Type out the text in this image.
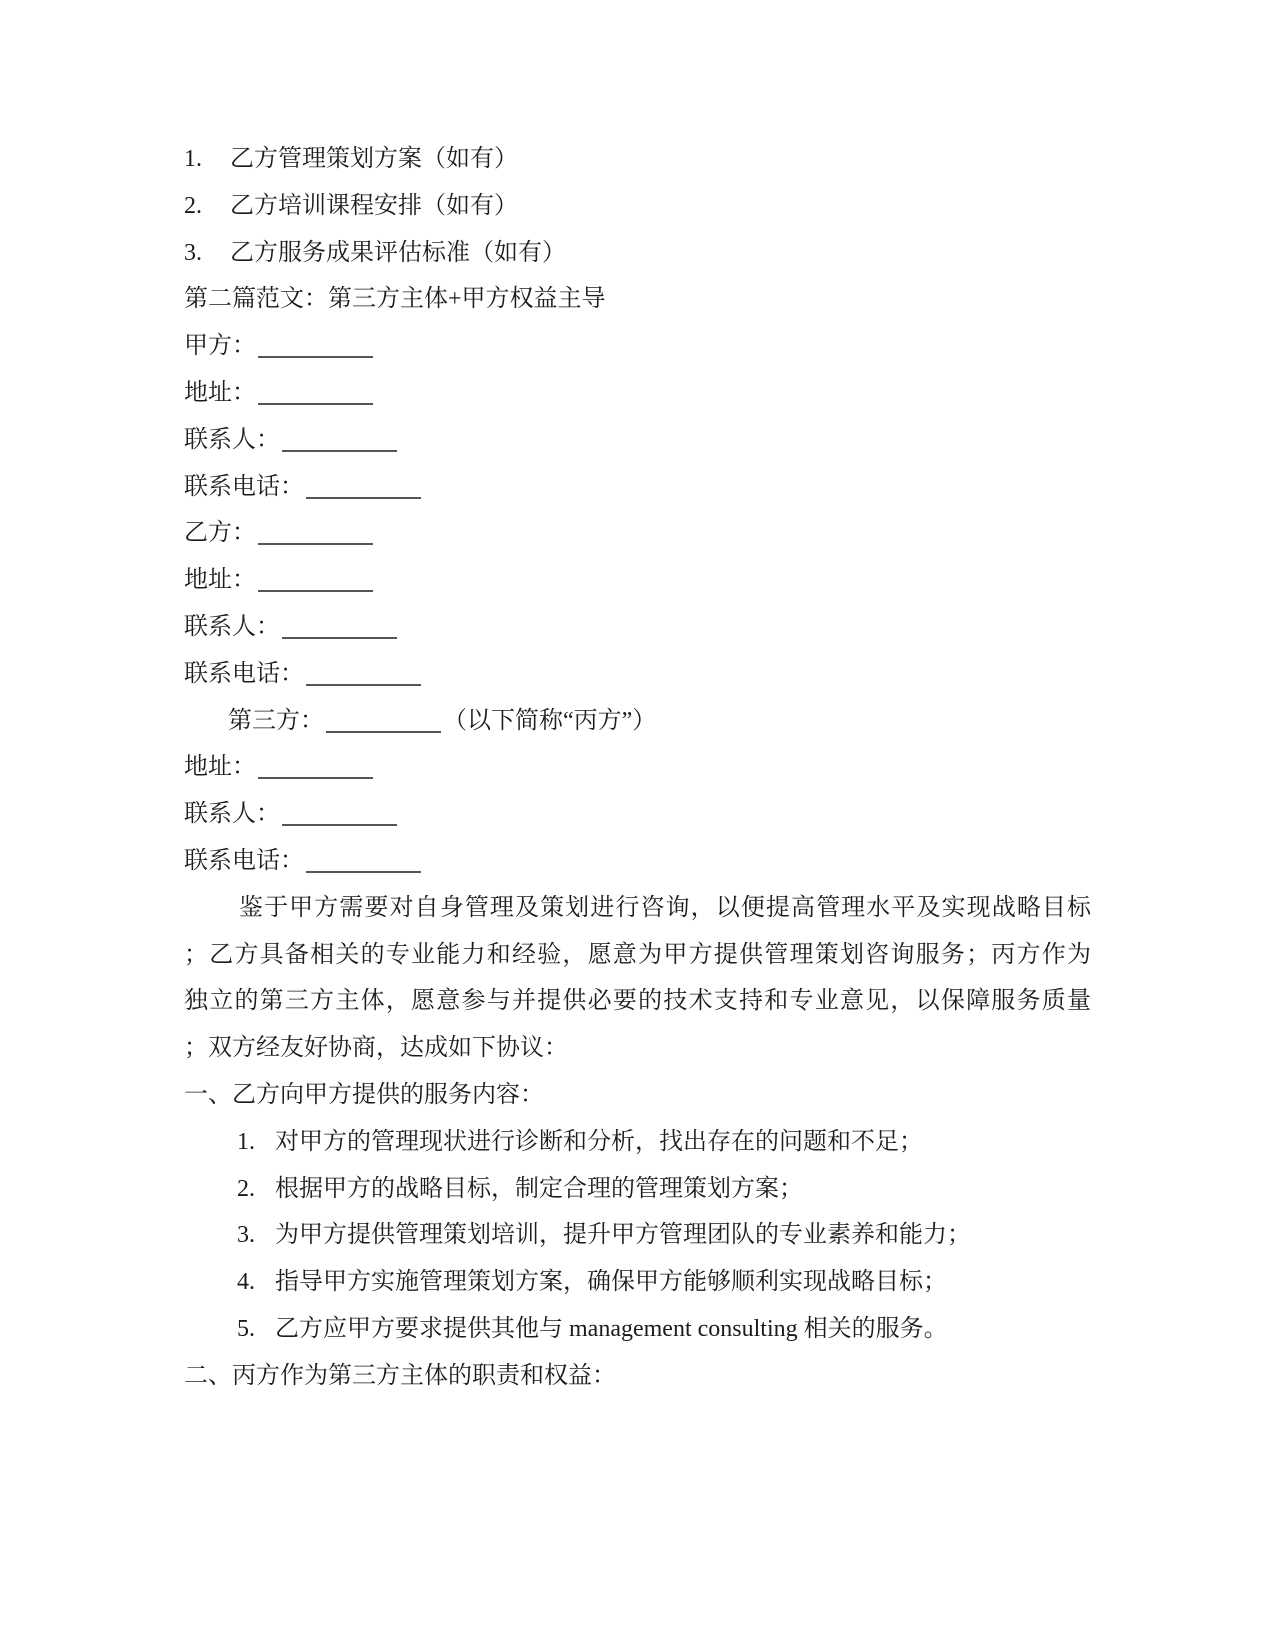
1. 乙方管理策划方案（如有）
2. 乙方培训课程安排（如有）
3. 乙方服务成果评估标准（如有）
第二篇范文：第三方主体+甲方权益主导
甲方：
地址：
联系人：
联系电话：
乙方：
地址：
联系人：
联系电话：
第三方：	（以下简称“丙方”）
地址：
联系人：
联系电话：
鉴于甲方需要对自身管理及策划进行咨询，以便提高管理水平及实现战略目标
；乙方具备相关的专业能力和经验，愿意为甲方提供管理策划咨询服务；丙方作为
独立的第三方主体，愿意参与并提供必要的技术支持和专业意见，以保障服务质量
；双方经友好协商，达成如下协议：
一、乙方向甲方提供的服务内容：
1. 对甲方的管理现状进行诊断和分析，找出存在的问题和不足；
2. 根据甲方的战略目标，制定合理的管理策划方案；
3. 为甲方提供管理策划培训，提升甲方管理团队的专业素养和能力；
4. 指导甲方实施管理策划方案，确保甲方能够顺利实现战略目标；
5. 乙方应甲方要求提供其他与 management consulting 相关的服务。
二、丙方作为第三方主体的职责和权益：
